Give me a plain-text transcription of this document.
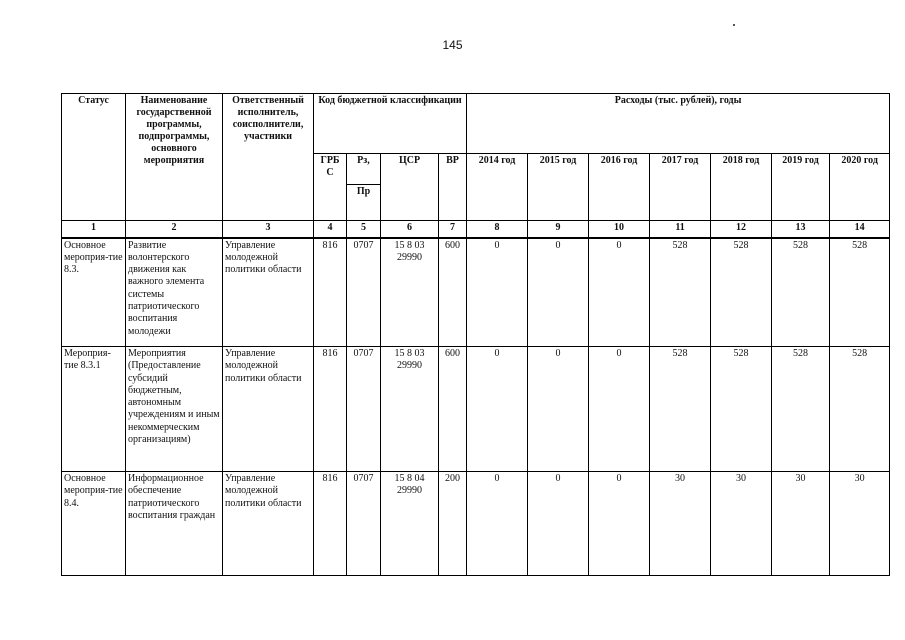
145
Статус	Наименование государственной программы, подпрограммы, основного мероприятия	Ответственный исполнитель, соисполнители, участники	Код бюджетной классификации				Расходы (тыс. рублей), годы						
			ГРБ С	Рз,	ЦСР	ВР	2014 год	2015 год	2016 год	2017 год	2018 год	2019 год	2020 год
				Пр									
1	2	3	4	5	6	7	8	9	10	11	12	13	14
Основное мероприя-тие 8.3.	Развитие волонтерского движения как важного элемента системы патриотического воспитания молодежи	Управление молодежной политики области	816	0707	15 8 03 29990	600	0	0	0	528	528	528	528
Мероприя-тие 8.3.1	Мероприятия (Предоставление субсидий бюджетным, автономным учреждениям и иным некоммерческим организациям)	Управление молодежной политики области	816	0707	15 8 03 29990	600	0	0	0	528	528	528	528
Основное мероприя-тие 8.4.	Информационное обеспечение патриотического воспитания граждан	Управление молодежной политики области	816	0707	15 8 04 29990	200	0	0	0	30	30	30	30
